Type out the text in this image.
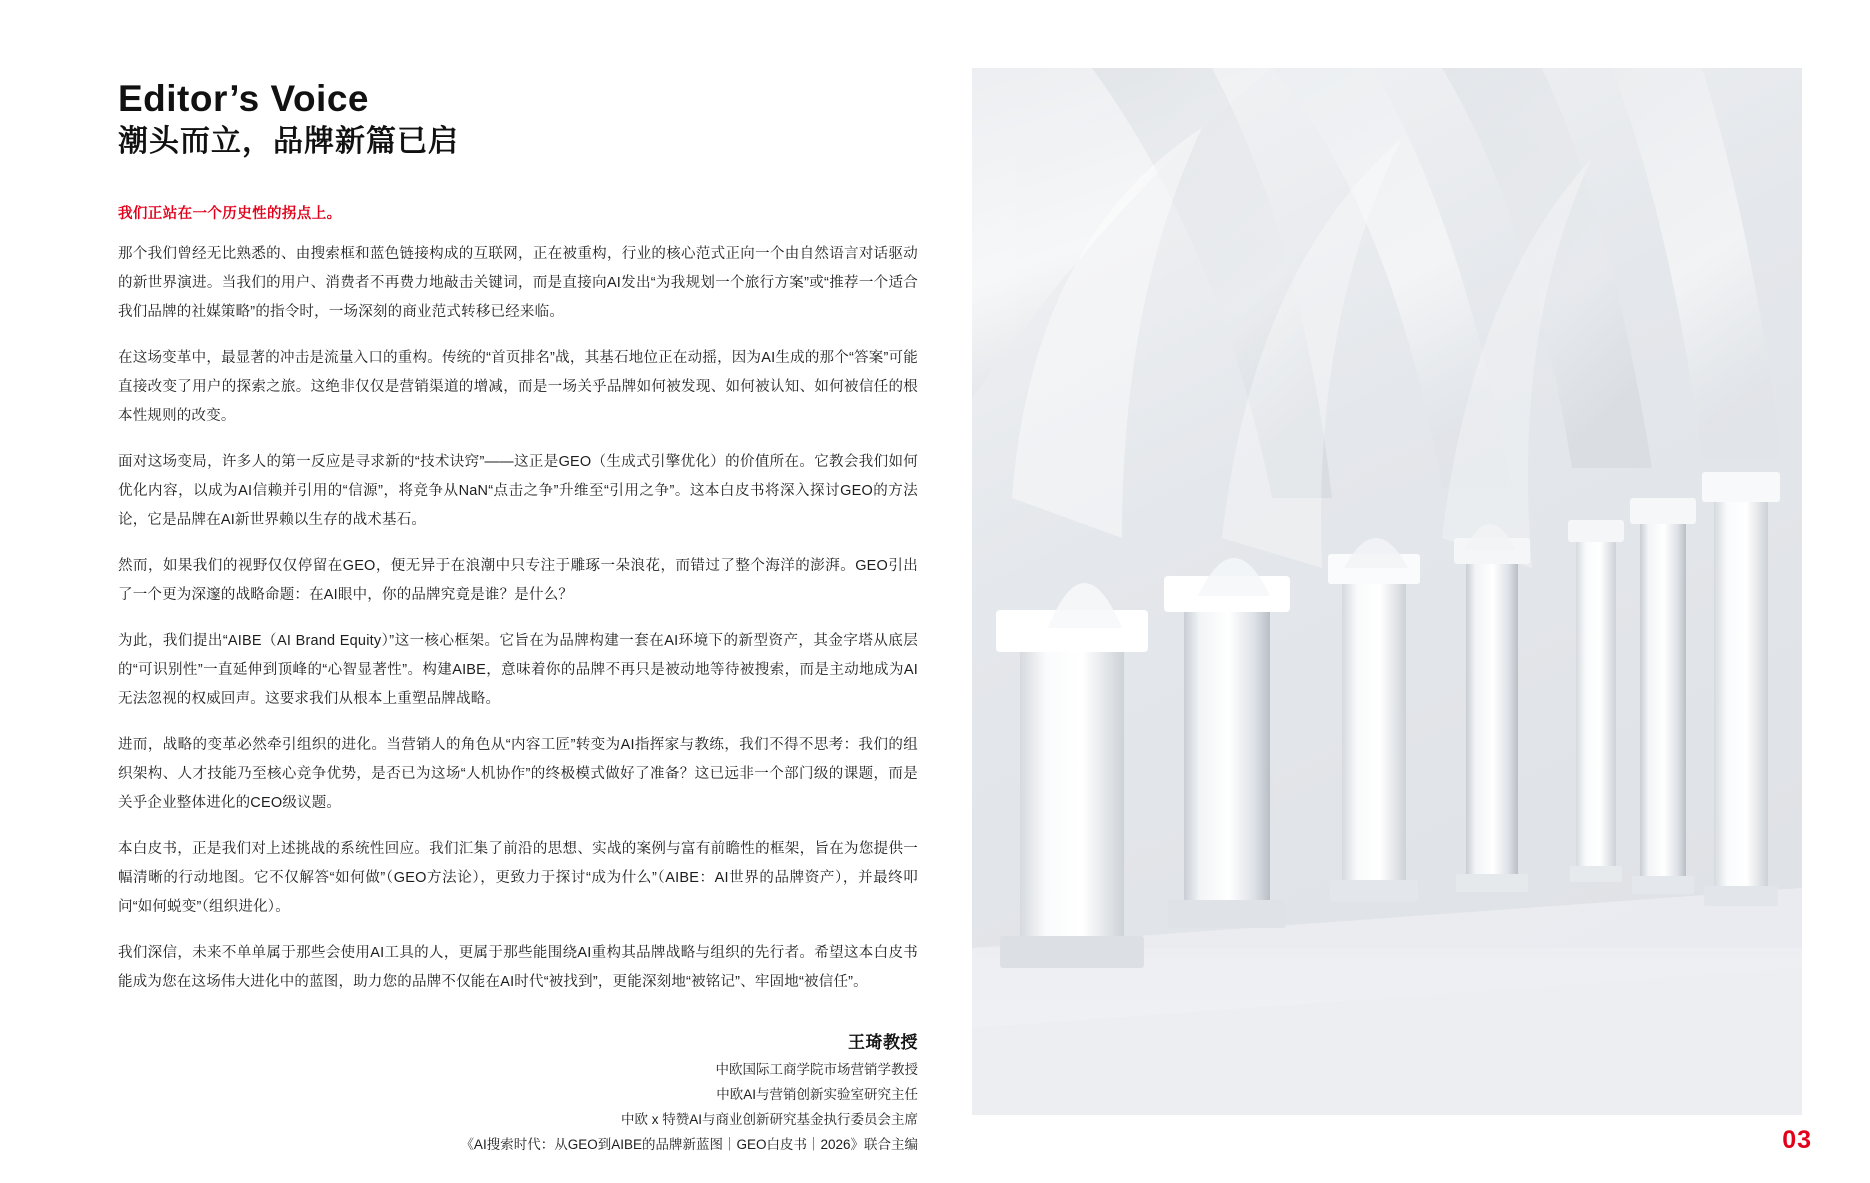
Editor’s Voice
潮头而立，品牌新篇已启

我们正站在一个历史性的拐点上。

那个我们曾经无比熟悉的、由搜索框和蓝色链接构成的互联网，正在被重构，行业的核心范式正向一个由自然语言对话驱动的新世界演进。当我们的用户、消费者不再费力地敲击关键词，而是直接向AI发出“为我规划一个旅行方案”或“推荐一个适合我们品牌的社媒策略”的指令时，一场深刻的商业范式转移已经来临。

在这场变革中，最显著的冲击是流量入口的重构。传统的“首页排名”战，其基石地位正在动摇，因为AI生成的那个“答案”可能直接改变了用户的探索之旅。这绝非仅仅是营销渠道的增减，而是一场关乎品牌如何被发现、如何被认知、如何被信任的根本性规则的改变。

面对这场变局，许多人的第一反应是寻求新的“技术诀窍”——这正是GEO（生成式引擎优化）的价值所在。它教会我们如何优化内容，以成为AI信赖并引用的“信源”，将竞争从NaN“点击之争”升维至“引用之争”。这本白皮书将深入探讨GEO的方法论，它是品牌在AI新世界赖以生存的战术基石。

然而，如果我们的视野仅仅停留在GEO，便无异于在浪潮中只专注于雕琢一朵浪花，而错过了整个海洋的澎湃。GEO引出了一个更为深邃的战略命题：在AI眼中，你的品牌究竟是谁？是什么？

为此，我们提出“AIBE（AI Brand Equity）”这一核心框架。它旨在为品牌构建一套在AI环境下的新型资产，其金字塔从底层的“可识别性”一直延伸到顶峰的“心智显著性”。构建AIBE，意味着你的品牌不再只是被动地等待被搜索，而是主动地成为AI无法忽视的权威回声。这要求我们从根本上重塑品牌战略。

进而，战略的变革必然牵引组织的进化。当营销人的角色从“内容工匠”转变为AI指挥家与教练，我们不得不思考：我们的组织架构、人才技能乃至核心竞争优势，是否已为这场“人机协作”的终极模式做好了准备？这已远非一个部门级的课题，而是关乎企业整体进化的CEO级议题。

本白皮书，正是我们对上述挑战的系统性回应。我们汇集了前沿的思想、实战的案例与富有前瞻性的框架，旨在为您提供一幅清晰的行动地图。它不仅解答“如何做”（GEO方法论），更致力于探讨“成为什么”（AIBE：AI世界的品牌资产），并最终叩问“如何蜕变”（组织进化）。

我们深信，未来不单单属于那些会使用AI工具的人，更属于那些能围绕AI重构其品牌战略与组织的先行者。希望这本白皮书能成为您在这场伟大进化中的蓝图，助力您的品牌不仅能在AI时代“被找到”，更能深刻地“被铭记”、牢固地“被信任”。

王琦教授
中欧国际工商学院市场营销学教授
中欧AI与营销创新实验室研究主任
中欧 x 特赞AI与商业创新研究基金执行委员会主席
《AI搜索时代：从GEO到AIBE的品牌新蓝图｜GEO白皮书｜2026》联合主编	03
